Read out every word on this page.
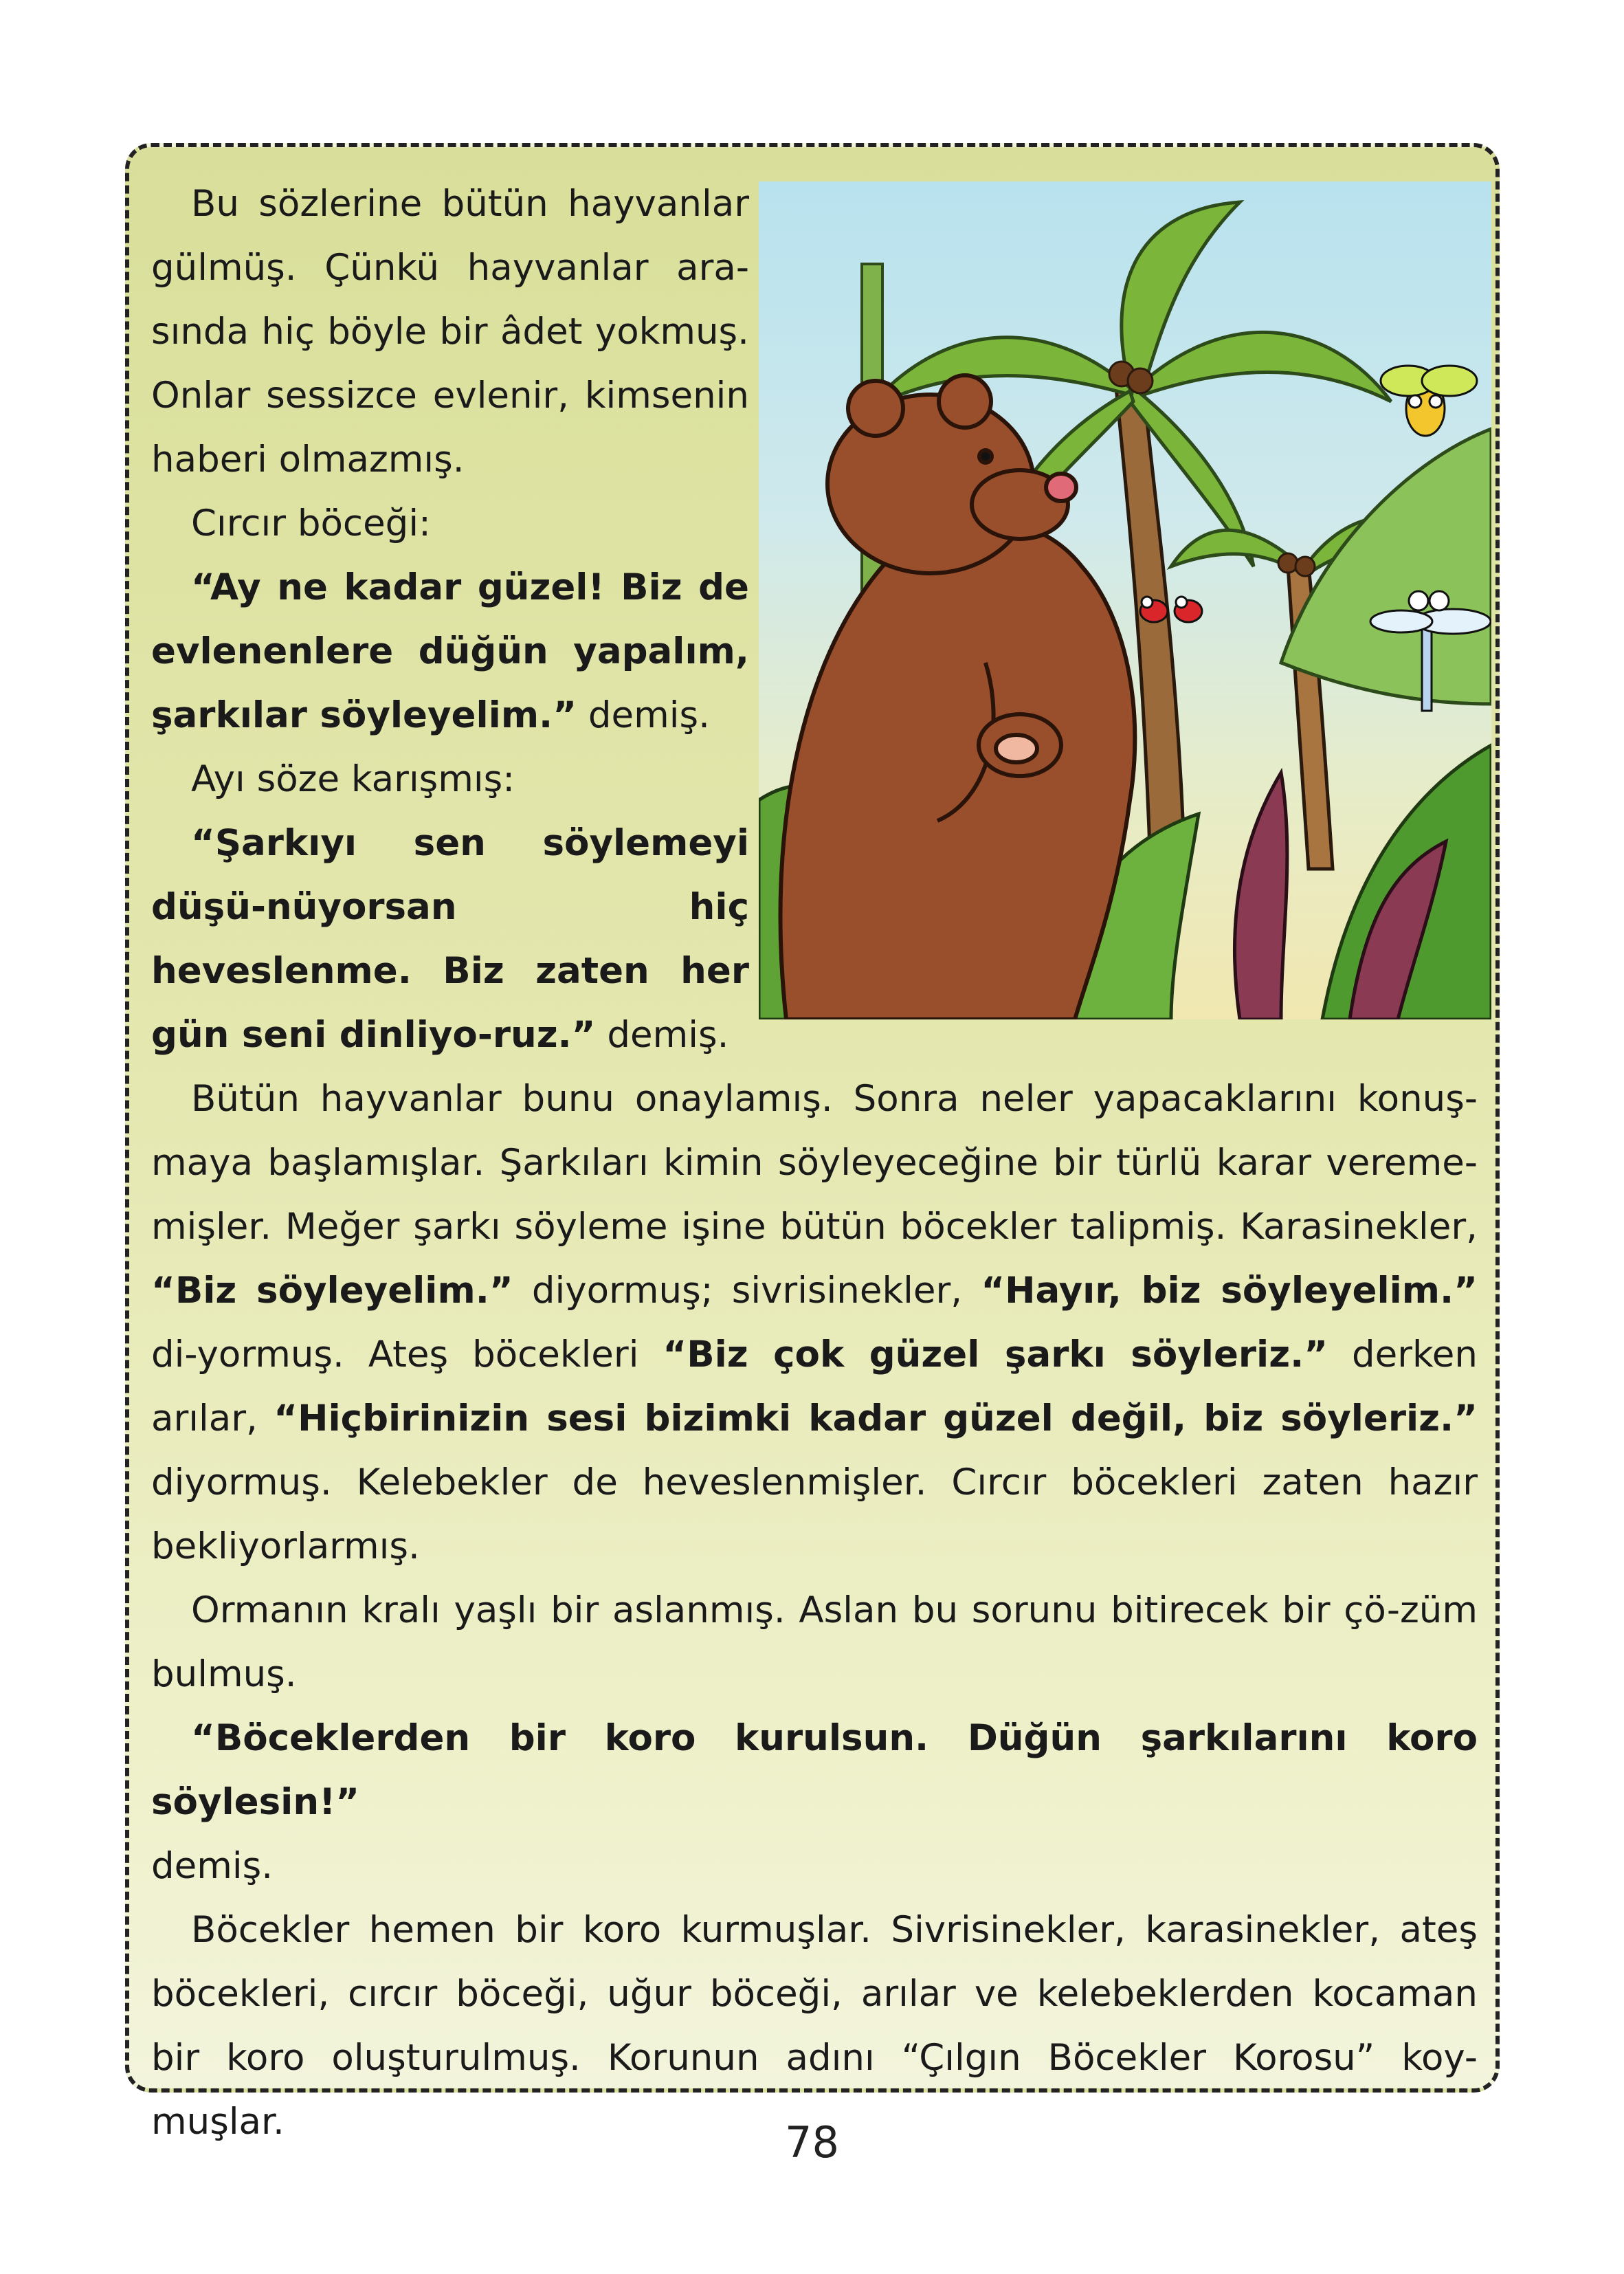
Bu sözlerine bütün hayvanlar gülmüş. Çünkü hayvanlar ara-sında hiç böyle bir âdet yokmuş. Onlar sessizce evlenir, kimsenin haberi olmazmış.

Cırcır böceği:

“Ay ne kadar güzel! Biz de evlenenlere düğün yapalım, şarkılar söyleyelim.” demiş.

Ayı söze karışmış:

“Şarkıyı sen söylemeyi düşü-nüyorsan hiç heveslenme. Biz zaten her gün seni dinliyo-ruz.” demiş.

Bütün hayvanlar bunu onaylamış. Sonra neler yapacaklarını konuş-maya başlamışlar. Şarkıları kimin söyleyeceğine bir türlü karar vereme-mişler. Meğer şarkı söyleme işine bütün böcekler talipmiş. Karasinekler, “Biz söyleyelim.” diyormuş; sivrisinekler, “Hayır, biz söyleyelim.” di-yormuş. Ateş böcekleri “Biz çok güzel şarkı söyleriz.” derken arılar, “Hiçbirinizin sesi bizimki kadar güzel değil, biz söyleriz.” diyormuş. Kelebekler de heveslenmişler. Cırcır böcekleri zaten hazır bekliyorlarmış.

Ormanın kralı yaşlı bir aslanmış. Aslan bu sorunu bitirecek bir çö-züm bulmuş.

“Böceklerden bir koro kurulsun. Düğün şarkılarını koro söylesin!”

demiş.

Böcekler hemen bir koro kurmuşlar. Sivrisinekler, karasinekler, ateş böcekleri, cırcır böceği, uğur böceği, arılar ve kelebeklerden kocaman bir koro oluşturulmuş. Korunun adını “Çılgın Böcekler Korosu” koy-muşlar.	78
